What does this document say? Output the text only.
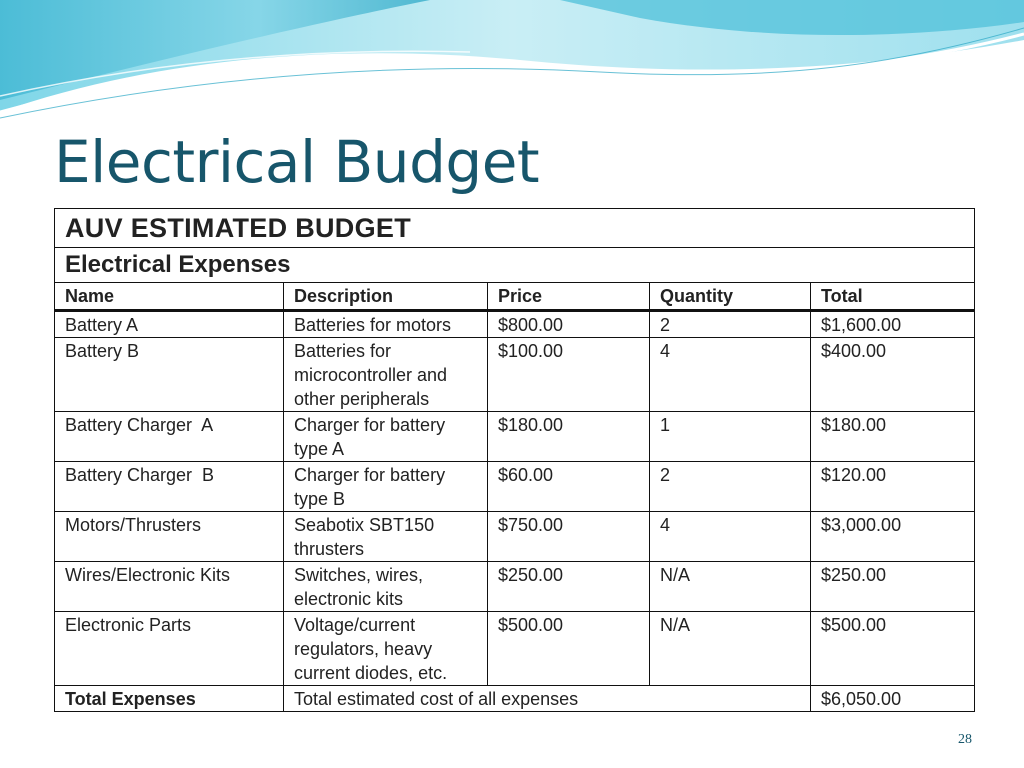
Electrical Budget
AUV ESTIMATED BUDGET				
Electrical Expenses				
Name	Description	Price	Quantity	Total
Battery A	Batteries for motors	$800.00	2	$1,600.00
Battery B	Batteries for microcontroller and other peripherals	$100.00	4	$400.00
Battery Charger  A	Charger for battery type A	$180.00	1	$180.00
Battery Charger  B	Charger for battery type B	$60.00	2	$120.00
Motors/Thrusters	Seabotix SBT150 thrusters	$750.00	4	$3,000.00
Wires/Electronic Kits	Switches, wires, electronic kits	$250.00	N/A	$250.00
Electronic Parts	Voltage/current regulators, heavy current diodes, etc.	$500.00	N/A	$500.00
Total Expenses	Total estimated cost of all expenses			$6,050.00
28
